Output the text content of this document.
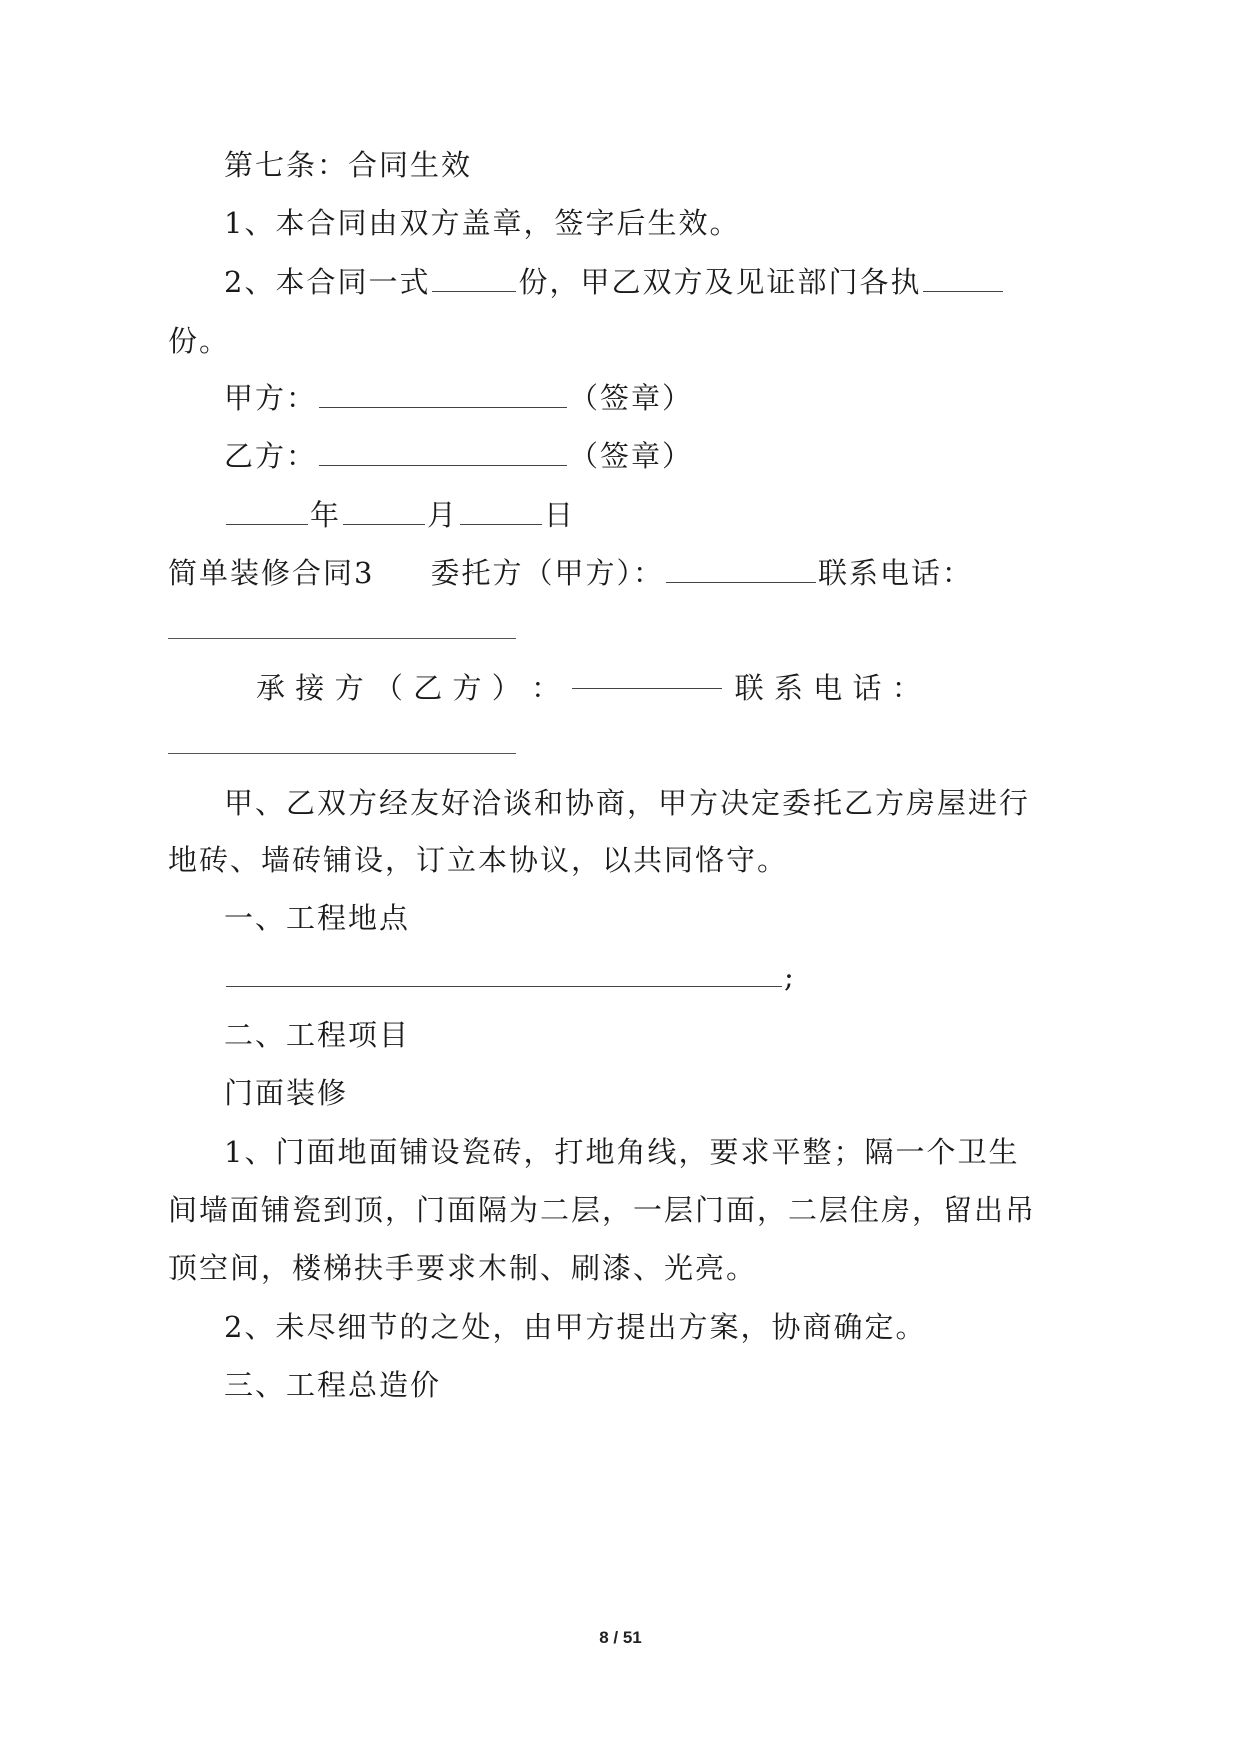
第七条：合同生效
1、本合同由双方盖章，签字后生效。
2、本合同一式	份，甲乙双方及见证部门各执
份。
甲方：	（签章）
乙方：	（签章）
年	月	日
简单装修合同3 委托方（甲方）：	联系电话：
承 接 方 （ 乙 方 ） ：	联 系 电 话 ：
甲、乙双方经友好洽谈和协商，甲方决定委托乙方房屋进行
地砖、墙砖铺设，订立本协议，以共同恪守。
一、工程地点
;
二、工程项目
门面装修
1、门面地面铺设瓷砖，打地角线，要求平整；隔一个卫生
间墙面铺瓷到顶，门面隔为二层，一层门面，二层住房，留出吊
顶空间，楼梯扶手要求木制、刷漆、光亮。
2、未尽细节的之处，由甲方提出方案，协商确定。
三、工程总造价
8 / 51
